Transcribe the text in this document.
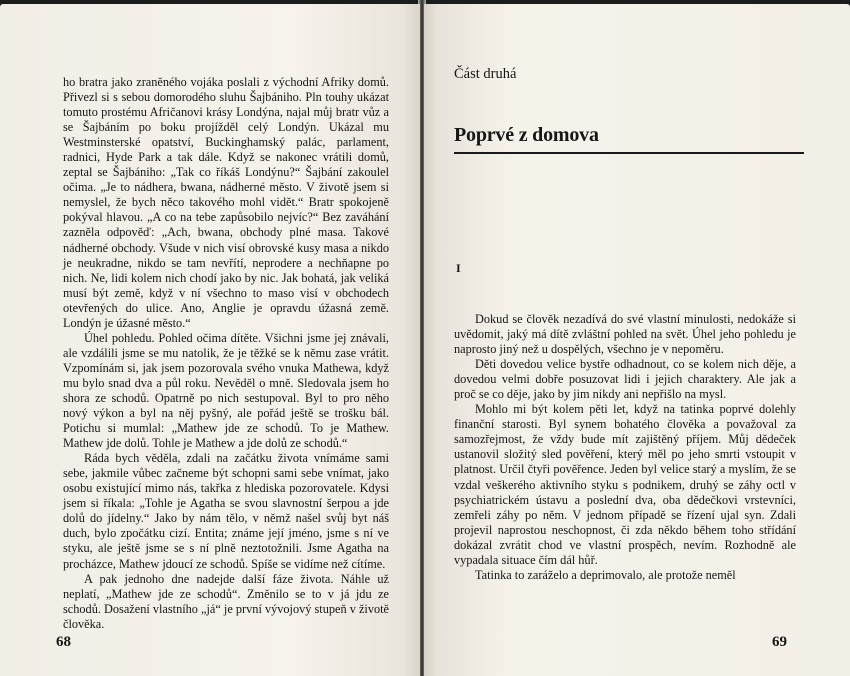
ho bratra jako zraněného vojáka poslali z východní Afriky domů. Přivezl si s sebou domorodého sluhu Šajbániho. Pln touhy ukázat tomuto prostému Afričanovi krásy Londýna, najal můj bratr vůz a se Šajbáním po boku projížděl celý Londýn. Ukázal mu Westminsterské opatství, Buckinghamský palác, parlament, radnici, Hyde Park a tak dále. Když se nakonec vrátili domů, zeptal se Šajbániho: „Tak co říkáš Londýnu?“ Šajbání zakoulel očima. „Je to nádhera, bwana, nádherné město. V životě jsem si nemyslel, že bych něco takového mohl vidět.“ Bratr spokojeně pokýval hlavou. „A co na tebe zapůsobilo nejvíc?“ Bez zaváhání zazněla odpověď: „Ach, bwana, obchody plné masa. Takové nádherné obchody. Všude v nich visí obrovské kusy masa a nikdo je neukradne, nikdo se tam nevřítí, neprodere a nechňapne po nich. Ne, lidi kolem nich chodí jako by nic. Jak bohatá, jak veliká musí být země, když v ní všechno to maso visí v obchodech otevřených do ulice. Ano, Anglie je opravdu úžasná země. Londýn je úžasné město.“

Úhel pohledu. Pohled očima dítěte. Všichni jsme jej znávali, ale vzdálili jsme se mu natolik, že je těžké se k němu zase vrátit. Vzpomínám si, jak jsem pozorovala svého vnuka Mathewa, když mu bylo snad dva a půl roku. Nevěděl o mně. Sledovala jsem ho shora ze schodů. Opatrně po nich sestupoval. Byl to pro něho nový výkon a byl na něj pyšný, ale pořád ještě se trošku bál. Potichu si mumlal: „Mathew jde ze schodů. To je Mathew. Mathew jde dolů. Tohle je Mathew a jde dolů ze schodů.“

Ráda bych věděla, zdali na začátku života vnímáme sami sebe, jakmile vůbec začneme být schopni sami sebe vnímat, jako osobu existující mimo nás, takřka z hlediska pozorovatele. Kdysi jsem si říkala: „Tohle je Agatha se svou slavnostní šerpou a jde dolů do jídelny.“ Jako by nám tělo, v němž našel svůj byt náš duch, bylo zpočátku cizí. Entita; známe její jméno, jsme s ní ve styku, ale ještě jsme se s ní plně neztotožnili. Jsme Agatha na procházce, Mathew jdoucí ze schodů. Spíše se vidíme než cítíme.

A pak jednoho dne nadejde další fáze života. Náhle už neplatí, „Mathew jde ze schodů“. Změnilo se to v já jdu ze schodů. Dosažení vlastního „já“ je první vývojový stupeň v životě člověka.

68
Část druhá
Poprvé z domova
I

Dokud se člověk nezadívá do své vlastní minulosti, nedokáže si uvědomit, jaký má dítě zvláštní pohled na svět. Úhel jeho pohledu je naprosto jiný než u dospělých, všechno je v nepoměru.

Děti dovedou velice bystře odhadnout, co se kolem nich děje, a dovedou velmi dobře posuzovat lidi i jejich charaktery. Ale jak a proč se co děje, jako by jim nikdy ani nepřišlo na mysl.

Mohlo mi být kolem pěti let, když na tatinka poprvé dolehly finanční starosti. Byl synem bohatého člověka a považoval za samozřejmost, že vždy bude mít zajištěný příjem. Můj dědeček ustanovil složitý sled pověření, který měl po jeho smrti vstoupit v platnost. Určil čtyři pověřence. Jeden byl velice starý a myslím, že se vzdal veškerého aktivního styku s podnikem, druhý se záhy octl v psychiatrickém ústavu a poslední dva, oba dědečkovi vrstevníci, zemřeli záhy po něm. V jednom případě se řízení ujal syn. Zdali projevil naprostou neschopnost, či zda někdo během toho střídání dokázal zvrátit chod ve vlastní prospěch, nevím. Rozhodně ale vypadala situace čím dál hůř.

Tatinka to zaráželo a deprimovalo, ale protože neměl

69
